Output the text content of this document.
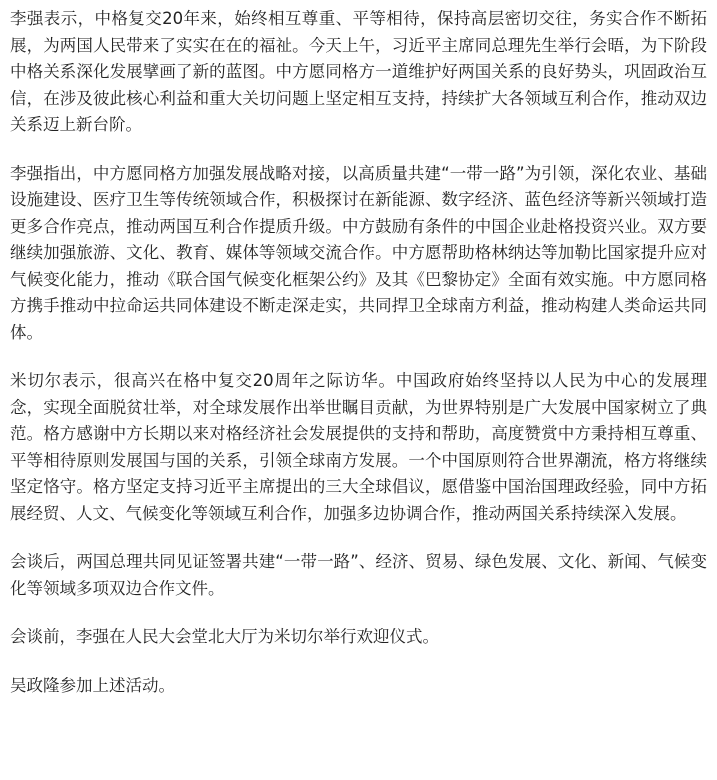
李强表示，中格复交20年来，始终相互尊重、平等相待，保持高层密切交往，务实合作不断拓展，为两国人民带来了实实在在的福祉。今天上午，习近平主席同总理先生举行会晤，为下阶段中格关系深化发展擘画了新的蓝图。中方愿同格方一道维护好两国关系的良好势头，巩固政治互信，在涉及彼此核心利益和重大关切问题上坚定相互支持，持续扩大各领域互利合作，推动双边关系迈上新台阶。

李强指出，中方愿同格方加强发展战略对接，以高质量共建“一带一路”为引领，深化农业、基础设施建设、医疗卫生等传统领域合作，积极探讨在新能源、数字经济、蓝色经济等新兴领域打造更多合作亮点，推动两国互利合作提质升级。中方鼓励有条件的中国企业赴格投资兴业。双方要继续加强旅游、文化、教育、媒体等领域交流合作。中方愿帮助格林纳达等加勒比国家提升应对气候变化能力，推动《联合国气候变化框架公约》及其《巴黎协定》全面有效实施。中方愿同格方携手推动中拉命运共同体建设不断走深走实，共同捍卫全球南方利益，推动构建人类命运共同体。

米切尔表示，很高兴在格中复交20周年之际访华。中国政府始终坚持以人民为中心的发展理念，实现全面脱贫壮举，对全球发展作出举世瞩目贡献，为世界特别是广大发展中国家树立了典范。格方感谢中方长期以来对格经济社会发展提供的支持和帮助，高度赞赏中方秉持相互尊重、平等相待原则发展国与国的关系，引领全球南方发展。一个中国原则符合世界潮流，格方将继续坚定恪守。格方坚定支持习近平主席提出的三大全球倡议，愿借鉴中国治国理政经验，同中方拓展经贸、人文、气候变化等领域互利合作，加强多边协调合作，推动两国关系持续深入发展。

会谈后，两国总理共同见证签署共建“一带一路”、经济、贸易、绿色发展、文化、新闻、气候变化等领域多项双边合作文件。

会谈前，李强在人民大会堂北大厅为米切尔举行欢迎仪式。

吴政隆参加上述活动。
